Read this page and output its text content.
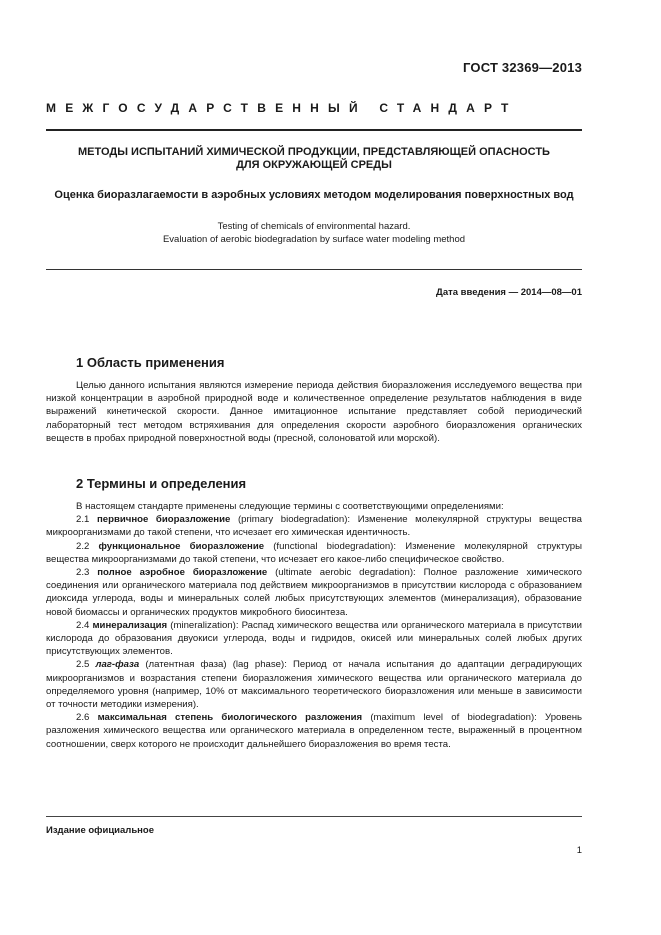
ГОСТ 32369—2013
МЕЖГОСУДАРСТВЕННЫЙ СТАНДАРТ
МЕТОДЫ ИСПЫТАНИЙ ХИМИЧЕСКОЙ ПРОДУКЦИИ, ПРЕДСТАВЛЯЮЩЕЙ ОПАСНОСТЬ
ДЛЯ ОКРУЖАЮЩЕЙ СРЕДЫ
Оценка биоразлагаемости в аэробных условиях методом моделирования поверхностных вод
Testing of chemicals of environmental hazard.
Evaluation of aerobic biodegradation by surface water modeling method
Дата введения — 2014—08—01
1 Область применения

Целью данного испытания являются измерение периода действия биоразложения исследуемого вещества при низкой концентрации в аэробной природной воде и количественное определение результатов наблюдения в виде выражений кинетической скорости. Данное имитационное испытание представляет собой периодический лабораторный тест методом встряхивания для определения скорости аэробного биоразложения органических веществ в пробах природной поверхностной воды (пресной, солоноватой или морской).

2 Термины и определения

В настоящем стандарте применены следующие термины с соответствующими определениями:

2.1 первичное биоразложение (primary biodegradation): Изменение молекулярной структуры вещества микроорганизмами до такой степени, что исчезает его химическая идентичность.

2.2 функциональное биоразложение (functional biodegradation): Изменение молекулярной структуры вещества микроорганизмами до такой степени, что исчезает его какое-либо специфическое свойство.

2.3 полное аэробное биоразложение (ultimate aerobic degradation): Полное разложение химического соединения или органического материала под действием микроорганизмов в присутствии кислорода с образованием диоксида углерода, воды и минеральных солей любых присутствующих элементов (минерализация), образование новой биомассы и органических продуктов микробного биосинтеза.

2.4 минерализация (mineralization): Распад химического вещества или органического материала в присутствии кислорода до образования двуокиси углерода, воды и гидридов, окисей или минеральных солей любых других присутствующих элементов.

2.5 лаг-фаза (латентная фаза) (lag phase): Период от начала испытания до адаптации деградирующих микроорганизмов и возрастания степени биоразложения химического вещества или органического материала до определяемого уровня (например, 10% от максимального теоретического биоразложения или меньше в зависимости от точности методики измерения).

2.6 максимальная степень биологического разложения (maximum level of biodegradation): Уровень разложения химического вещества или органического материала в определенном тесте, выраженный в процентном соотношении, сверх которого не происходит дальнейшего биоразложения во время теста.

Издание официальное
1
